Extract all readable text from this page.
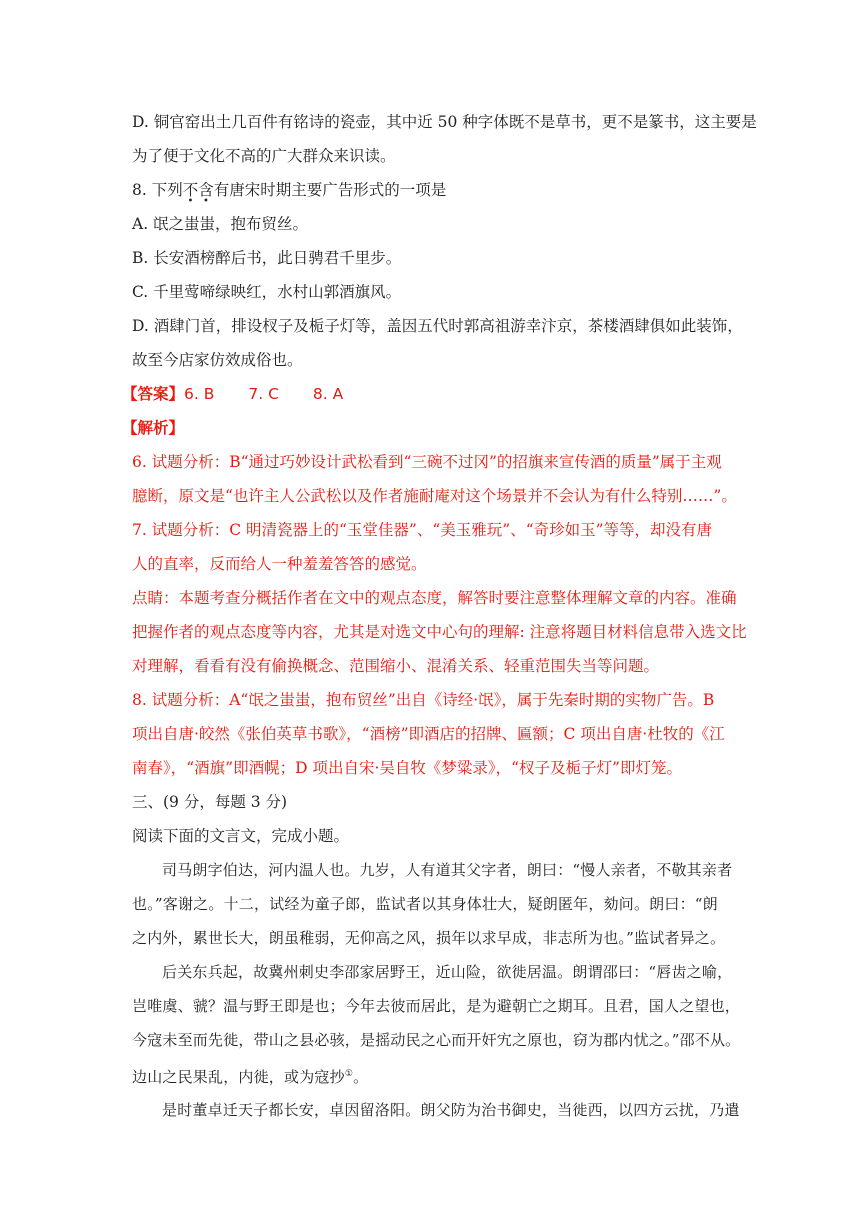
D. 铜官窑出土几百件有铭诗的瓷壶，其中近 50 种字体既不是草书，更不是篆书，这主要是
为了便于文化不高的广大群众来识读。
8. 下列不
•
含
•
有唐宋时期主要广告形式的一项是
A. 氓之蚩蚩，抱布贸丝。
B. 长安酒榜醉后书，此日骋君千里步。
C. 千里莺啼绿映红，水村山郭酒旗风。
D. 酒肆门首，排设杈子及栀子灯等，盖因五代时郭高祖游幸汴京，茶楼酒肆俱如此装饰，
故至今店家仿效成俗也。
【答案】6. B 7. C 8. A
【解析】
6. 试题分析：B“通过巧妙设计武松看到“三碗不过冈”的招旗来宣传酒的质量”属于主观
臆断，原文是“也许主人公武松以及作者施耐庵对这个场景并不会认为有什么特别……”。
7. 试题分析：C 明清瓷器上的“玉堂佳器”、“美玉雅玩”、“奇珍如玉”等等，却没有唐
人的直率，反而给人一种羞羞答答的感觉。
点睛：本题考查分概括作者在文中的观点态度，解答时要注意整体理解文章的内容。准确
把握作者的观点态度等内容，尤其是对选文中心句的理解: 注意将题目材料信息带入选文比
对理解，看看有没有偷换概念、范围缩小、混淆关系、轻重范围失当等问题。
8. 试题分析：A“氓之蚩蚩，抱布贸丝”出自《诗经·氓》，属于先秦时期的实物广告。B
项出自唐·皎然《张伯英草书歌》，“酒榜”即酒店的招牌、匾额；C 项出自唐·杜牧的《江
南春》，“酒旗”即酒幌；D 项出自宋·吴自牧《梦粱录》，“杈子及栀子灯”即灯笼。
三、(9 分，每题 3 分)
阅读下面的文言文，完成小题。
司马朗字伯达，河内温人也。九岁，人有道其父字者，朗曰：“慢人亲者，不敬其亲者
也。”客谢之。十二，试经为童子郎，监试者以其身体壮大，疑朗匿年，劾问。朗曰：“朗
之内外，累世长大，朗虽稚弱，无仰高之风，损年以求早成，非志所为也。”监试者异之。
后关东兵起，故冀州刺史李邵家居野王，近山险，欲徙居温。朗谓邵曰：“唇齿之喻，
岂唯虞、虢？温与野王即是也；今年去彼而居此，是为避朝亡之期耳。且君，国人之望也，
今寇未至而先徙，带山之县必骇，是摇动民之心而开奸宄之原也，窃为郡内忧之。”邵不从。
边山之民果乱，内徙，或为寇抄①。
是时董卓迁天子都长安，卓因留洛阳。朗父防为治书御史，当徙西，以四方云扰，乃遣
